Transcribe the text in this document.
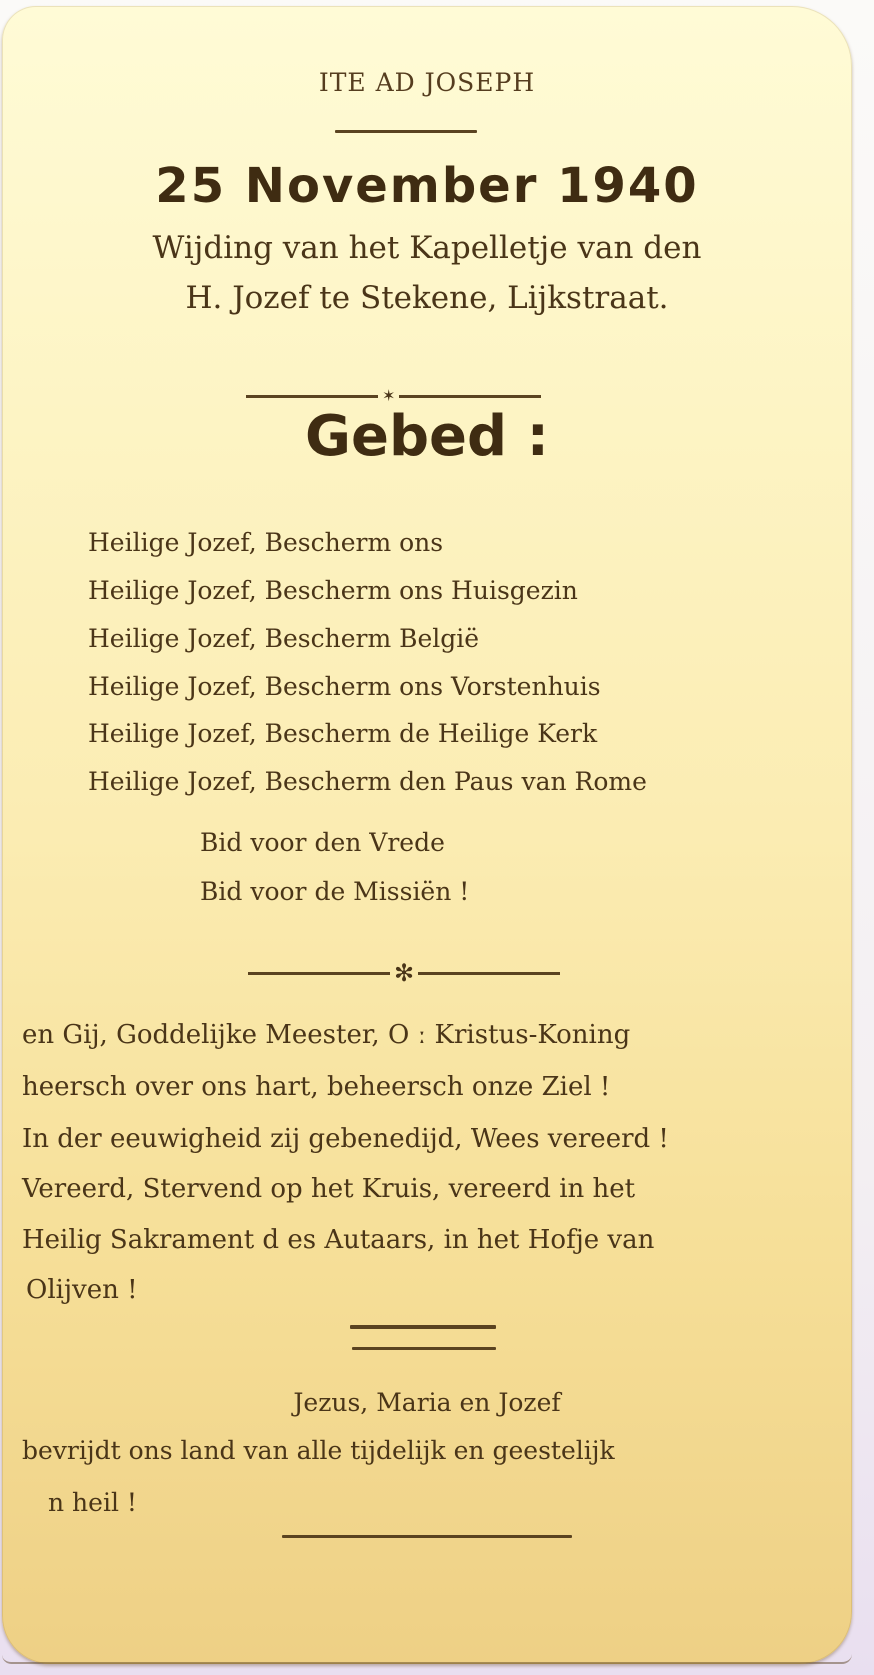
ITE AD JOSEPH
25 November 1940
Wijding van het Kapelletje van den
H. Jozef te Stekene, Lijkstraat.
✶
Gebed :
Heilige Jozef, Bescherm ons
Heilige Jozef, Bescherm ons Huisgezin
Heilige Jozef, Bescherm België
Heilige Jozef, Bescherm ons Vorstenhuis
Heilige Jozef, Bescherm de Heilige Kerk
Heilige Jozef, Bescherm den Paus van Rome
Bid voor den Vrede
Bid voor de Missiën !
✻
en Gij, Goddelijke Meester, O ː Kristus-Koning
heersch over ons hart, beheersch onze Ziel !
In der eeuwigheid zij gebenedijd, Wees vereerd !
Vereerd, Stervend op het Kruis, vereerd in het
Heilig Sakrament d es Autaars, in het Hofje van
Olijven !
Jezus, Maria en Jozef
bevrijdt ons land van alle tijdelijk en geestelijk
n heil !
